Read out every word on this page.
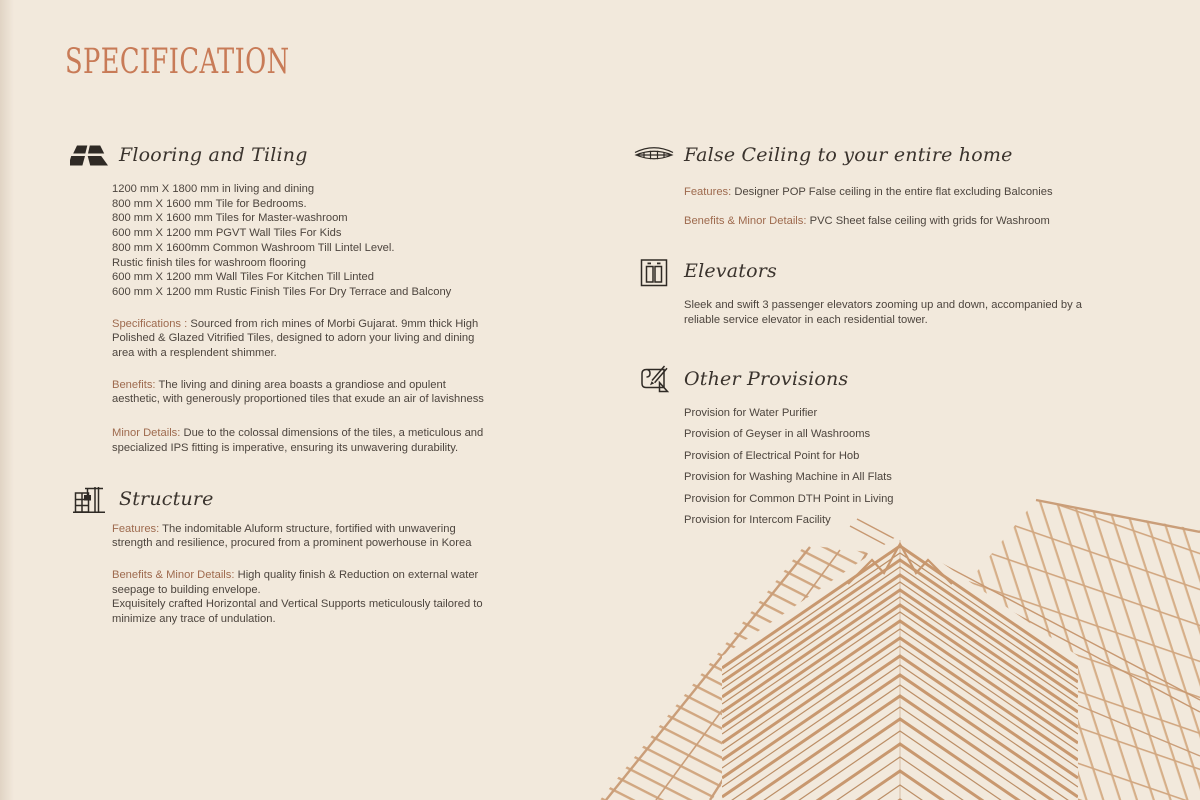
SPECIFICATION
Flooring and Tiling
1200 mm X 1800 mm in living and dining
800 mm X 1600 mm Tile for Bedrooms.
800 mm X 1600 mm Tiles for Master-washroom
600 mm X 1200 mm PGVT Wall Tiles For Kids
800 mm X 1600mm Common Washroom Till Lintel Level.
Rustic finish tiles for washroom flooring
600 mm X 1200 mm Wall Tiles For Kitchen Till Linted
600 mm X 1200 mm Rustic Finish Tiles For Dry Terrace and Balcony

Specifications : Sourced from rich mines of Morbi Gujarat. 9mm thick High Polished & Glazed Vitrified Tiles, designed to adorn your living and dining area with a resplendent shimmer.

Benefits: The living and dining area boasts a grandiose and opulent aesthetic, with generously proportioned tiles that exude an air of lavishness

Minor Details: Due to the colossal dimensions of the tiles, a meticulous and specialized IPS fitting is imperative, ensuring its unwavering durability.

Structure

Features: The indomitable Aluform structure, fortified with unwavering strength and resilience, procured from a prominent powerhouse in Korea

Benefits & Minor Details: High quality finish & Reduction on external water seepage to building envelope.
Exquisitely crafted Horizontal and Vertical Supports meticulously tailored to minimize any trace of undulation.

False Ceiling to your entire home

Features: Designer POP False ceiling in the entire flat excluding Balconies

Benefits & Minor Details: PVC Sheet false ceiling with grids for Washroom

Elevators

Sleek and swift 3 passenger elevators zooming up and down, accompanied by a reliable service elevator in each residential tower.

Other Provisions
Provision for Water Purifier
Provision of Geyser in all Washrooms
Provision of Electrical Point for Hob
Provision for Washing Machine in All Flats
Provision for Common DTH Point in Living
Provision for Intercom Facility
